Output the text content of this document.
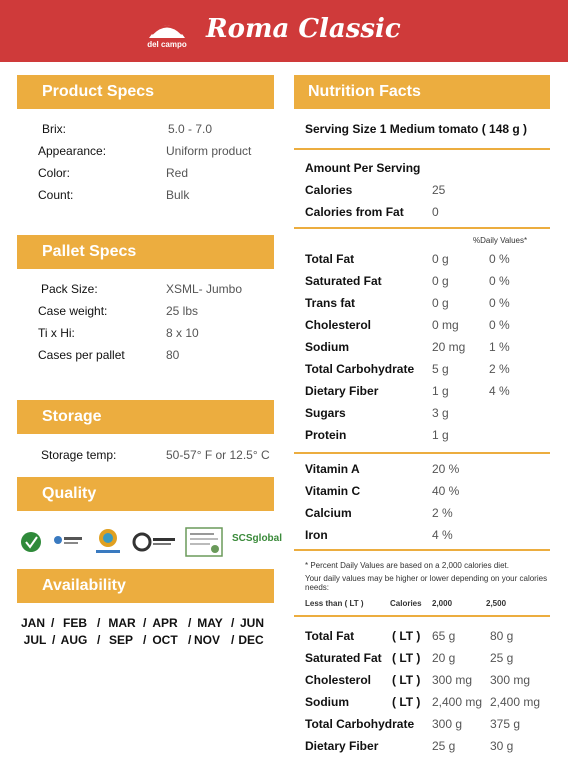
del campo
Roma Classic
Product Specs
Brix:	5.0 - 7.0
Appearance:	Uniform product
Color:	Red
Count:	Bulk
Pallet Specs
Pack Size:	XSML- Jumbo
Case weight:	25 lbs
Ti x Hi:	8 x 10
Cases per pallet	80
Storage
Storage temp:	50-57° F or 12.5° C
Quality
SCSglobal
Availability
JAN / FEB / MAR / APR / MAY / JUN
JUL / AUG / SEP / OCT / NOV / DEC
Nutrition Facts
Serving Size 1 Medium tomato ( 148 g )
Amount Per Serving
Calories	25
Calories from Fat 0
%Daily Values*
Total Fat	0 g	0 %
Saturated Fat	0 g	0 %
Trans fat	0 g	0 %
Cholesterol	0 mg	0 %
Sodium	20 mg 1 %
Total Carbohydrate 5 g	2 %
Dietary Fiber	1 g	4 %
Sugars	3 g
Protein	1 g
Vitamin A	20 %
Vitamin C	40 %
Calcium	2 %
Iron	4 %
* Percent Daily Values are based on a 2,000 calories diet.
Your daily values may be higher or lower depending on your calories needs:
Less than ( LT )	Calories 2,000	2,500
Total Fat	( LT ) 65 g	80 g
Saturated Fat ( LT ) 20 g	25 g
Cholesterol ( LT ) 300 mg 300 mg
Sodium	( LT ) 2,400 mg 2,400 mg
Total Carbohydrate 300 g 375 g
Dietary Fiber	25 g	30 g
